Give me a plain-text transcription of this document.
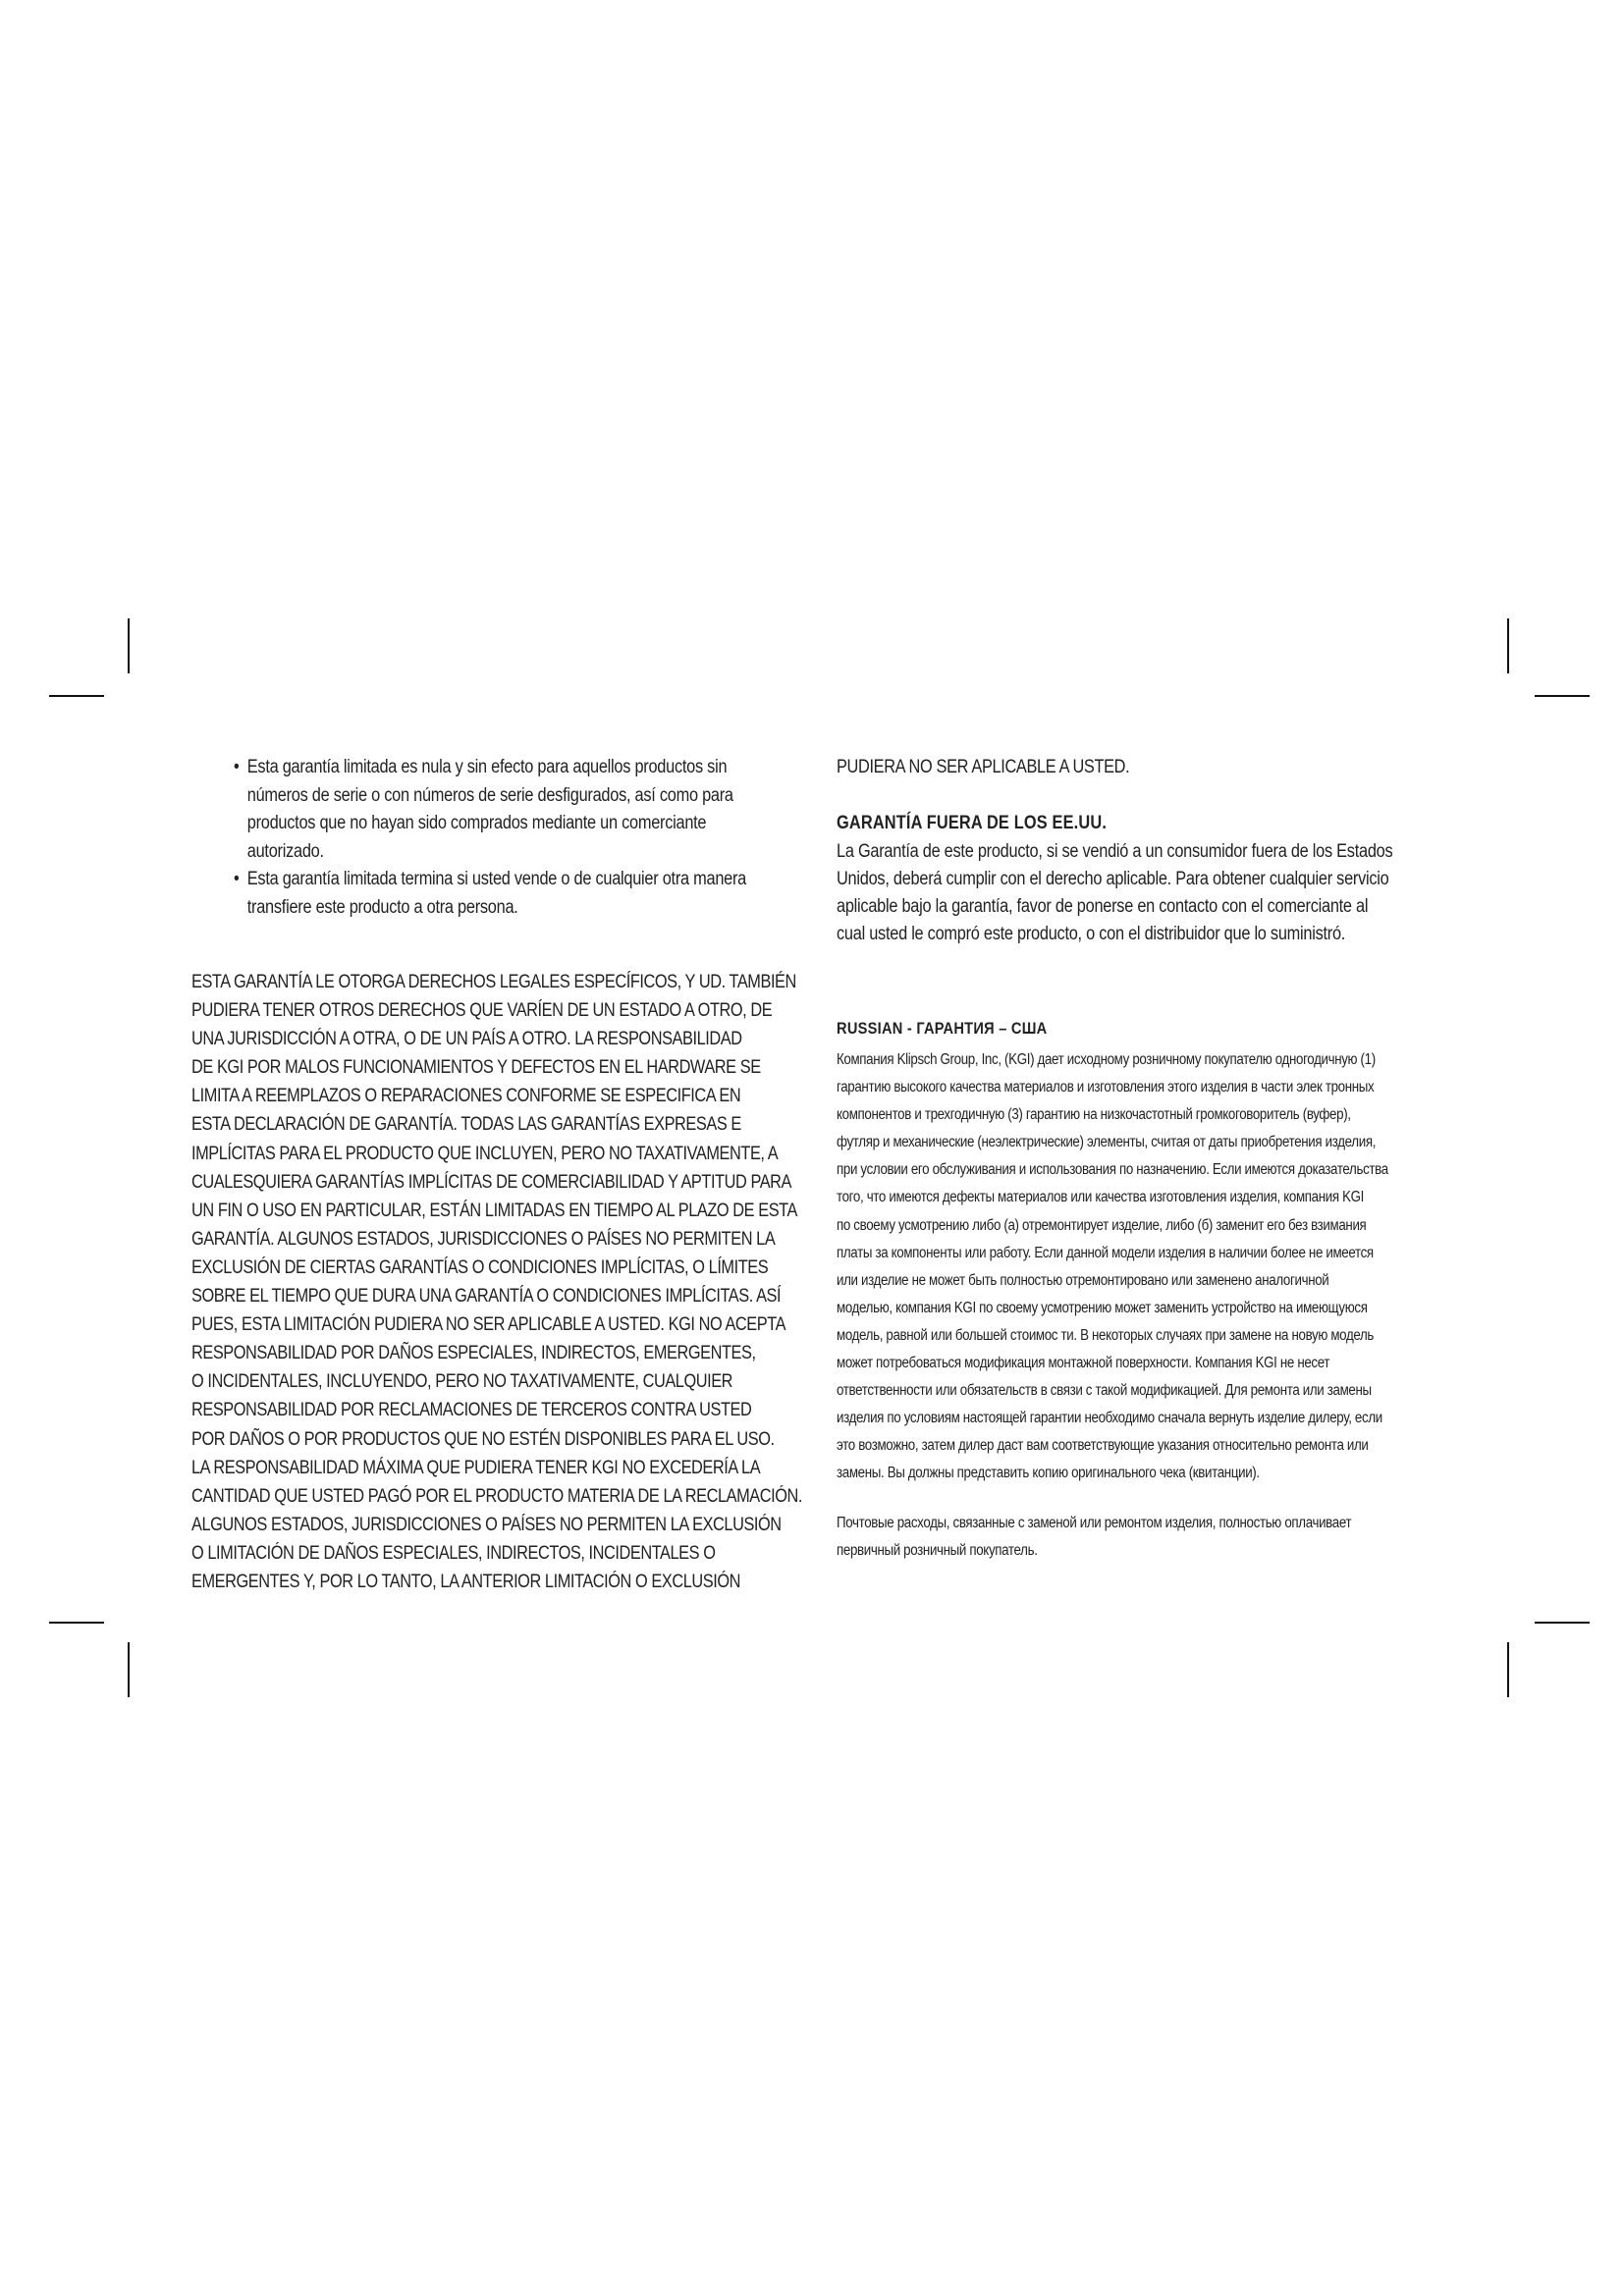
• Esta garantía limitada es nula y sin efecto para aquellos productos sin
números de serie o con números de serie desfigurados, así como para
productos que no hayan sido comprados mediante un comerciante
autorizado.
• Esta garantía limitada termina si usted vende o de cualquier otra manera
transfiere este producto a otra persona.

ESTA GARANTÍA LE OTORGA DERECHOS LEGALES ESPECÍFICOS, Y UD. TAMBIÉN
PUDIERA TENER OTROS DERECHOS QUE VARÍEN DE UN ESTADO A OTRO, DE
UNA JURISDICCIÓN A OTRA, O DE UN PAÍS A OTRO. LA RESPONSABILIDAD
DE KGI POR MALOS FUNCIONAMIENTOS Y DEFECTOS EN EL HARDWARE SE
LIMITA A REEMPLAZOS O REPARACIONES CONFORME SE ESPECIFICA EN
ESTA DECLARACIÓN DE GARANTÍA. TODAS LAS GARANTÍAS EXPRESAS E
IMPLÍCITAS PARA EL PRODUCTO QUE INCLUYEN, PERO NO TAXATIVAMENTE, A
CUALESQUIERA GARANTÍAS IMPLÍCITAS DE COMERCIABILIDAD Y APTITUD PARA
UN FIN O USO EN PARTICULAR, ESTÁN LIMITADAS EN TIEMPO AL PLAZO DE ESTA
GARANTÍA. ALGUNOS ESTADOS, JURISDICCIONES O PAÍSES NO PERMITEN LA
EXCLUSIÓN DE CIERTAS GARANTÍAS O CONDICIONES IMPLÍCITAS, O LÍMITES
SOBRE EL TIEMPO QUE DURA UNA GARANTÍA O CONDICIONES IMPLÍCITAS. ASÍ
PUES, ESTA LIMITACIÓN PUDIERA NO SER APLICABLE A USTED. KGI NO ACEPTA
RESPONSABILIDAD POR DAÑOS ESPECIALES, INDIRECTOS, EMERGENTES,
O INCIDENTALES, INCLUYENDO, PERO NO TAXATIVAMENTE, CUALQUIER
RESPONSABILIDAD POR RECLAMACIONES DE TERCEROS CONTRA USTED
POR DAÑOS O POR PRODUCTOS QUE NO ESTÉN DISPONIBLES PARA EL USO.
LA RESPONSABILIDAD MÁXIMA QUE PUDIERA TENER KGI NO EXCEDERÍA LA
CANTIDAD QUE USTED PAGÓ POR EL PRODUCTO MATERIA DE LA RECLAMACIÓN.
ALGUNOS ESTADOS, JURISDICCIONES O PAÍSES NO PERMITEN LA EXCLUSIÓN
O LIMITACIÓN DE DAÑOS ESPECIALES, INDIRECTOS, INCIDENTALES O
EMERGENTES Y, POR LO TANTO, LA ANTERIOR LIMITACIÓN O EXCLUSIÓN

PUDIERA NO SER APLICABLE A USTED.

GARANTÍA FUERA DE LOS EE.UU.

La Garantía de este producto, si se vendió a un consumidor fuera de los Estados
Unidos, deberá cumplir con el derecho aplicable. Para obtener cualquier servicio
aplicable bajo la garantía, favor de ponerse en contacto con el comerciante al
cual usted le compró este producto, o con el distribuidor que lo suministró.

RUSSIAN - ГАРАНТИЯ – США

Компания Klipsch Group, Inc, (KGI) дает исходному розничному покупателю одногодичную (1)
гарантию высокого качества материалов и изготовления этого изделия в части элек тронных
компонентов и трехгодичную (3) гарантию на низкочастотный громкоговоритель (вуфер),
футляр и механические (неэлектрические) элементы, считая от даты приобретения изделия,
при условии его обслуживания и использования по назначению. Если имеются доказательства
того, что имеются дефекты материалов или качества изготовления изделия, компания KGI
по своему усмотрению либо (а) отремонтирует изделие, либо (б) заменит его без взимания
платы за компоненты или работу. Если данной модели изделия в наличии более не имеется
или изделие не может быть полностью отремонтировано или заменено аналогичной
моделью, компания KGI по своему усмотрению может заменить устройство на имеющуюся
модель, равной или большей стоимос ти. В некоторых случаях при замене на новую модель
может потребоваться модификация монтажной поверхности. Компания KGI не несет
ответственности или обязательств в связи с такой модификацией. Для ремонта или замены
изделия по условиям настоящей гарантии необходимо сначала вернуть изделие дилеру, если
это возможно, затем дилер даст вам соответствующие указания относительно ремонта или
замены. Вы должны представить копию оригинального чека (квитанции).

Почтовые расходы, связанные с заменой или ремонтом изделия, полностью оплачивает
первичный розничный покупатель.
